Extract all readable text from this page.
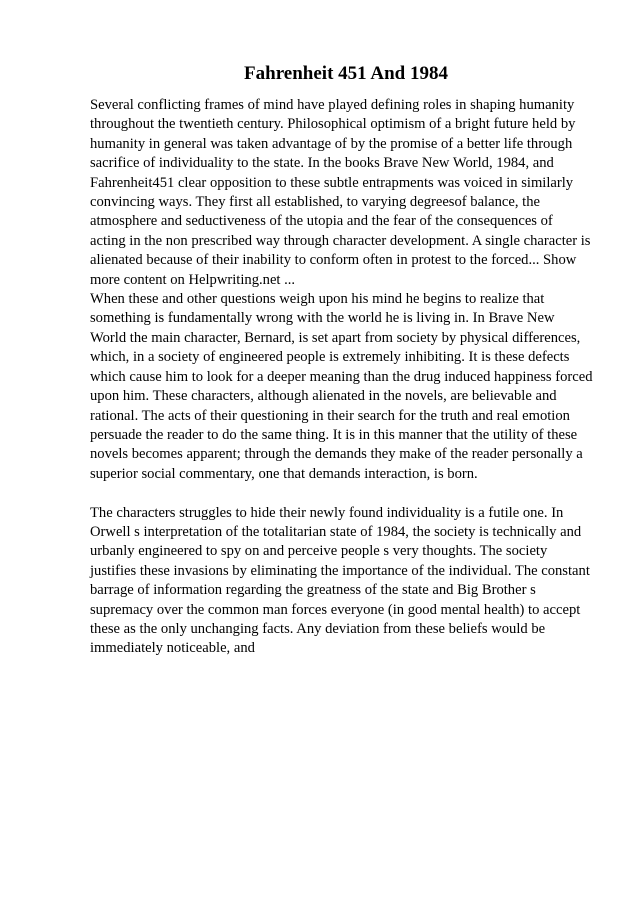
Fahrenheit 451 And 1984
Several conflicting frames of mind have played defining roles in shaping humanity
throughout the twentieth century. Philosophical optimism of a bright future held by
humanity in general was taken advantage of by the promise of a better life through
sacrifice of individuality to the state. In the books Brave New World, 1984, and
Fahrenheit451 clear opposition to these subtle entrapments was voiced in similarly
convincing ways. They first all established, to varying degreesof balance, the
atmosphere and seductiveness of the utopia and the fear of the consequences of
acting in the non prescribed way through character development. A single character is
alienated because of their inability to conform often in protest to the forced... Show
more content on Helpwriting.net ...
When these and other questions weigh upon his mind he begins to realize that
something is fundamentally wrong with the world he is living in. In Brave New
World the main character, Bernard, is set apart from society by physical differences,
which, in a society of engineered people is extremely inhibiting. It is these defects
which cause him to look for a deeper meaning than the drug induced happiness forced
upon him. These characters, although alienated in the novels, are believable and
rational. The acts of their questioning in their search for the truth and real emotion
persuade the reader to do the same thing. It is in this manner that the utility of these
novels becomes apparent; through the demands they make of the reader personally a
superior social commentary, one that demands interaction, is born.
The characters struggles to hide their newly found individuality is a futile one. In
Orwell s interpretation of the totalitarian state of 1984, the society is technically and
urbanly engineered to spy on and perceive people s very thoughts. The society
justifies these invasions by eliminating the importance of the individual. The constant
barrage of information regarding the greatness of the state and Big Brother s
supremacy over the common man forces everyone (in good mental health) to accept
these as the only unchanging facts. Any deviation from these beliefs would be
immediately noticeable, and
